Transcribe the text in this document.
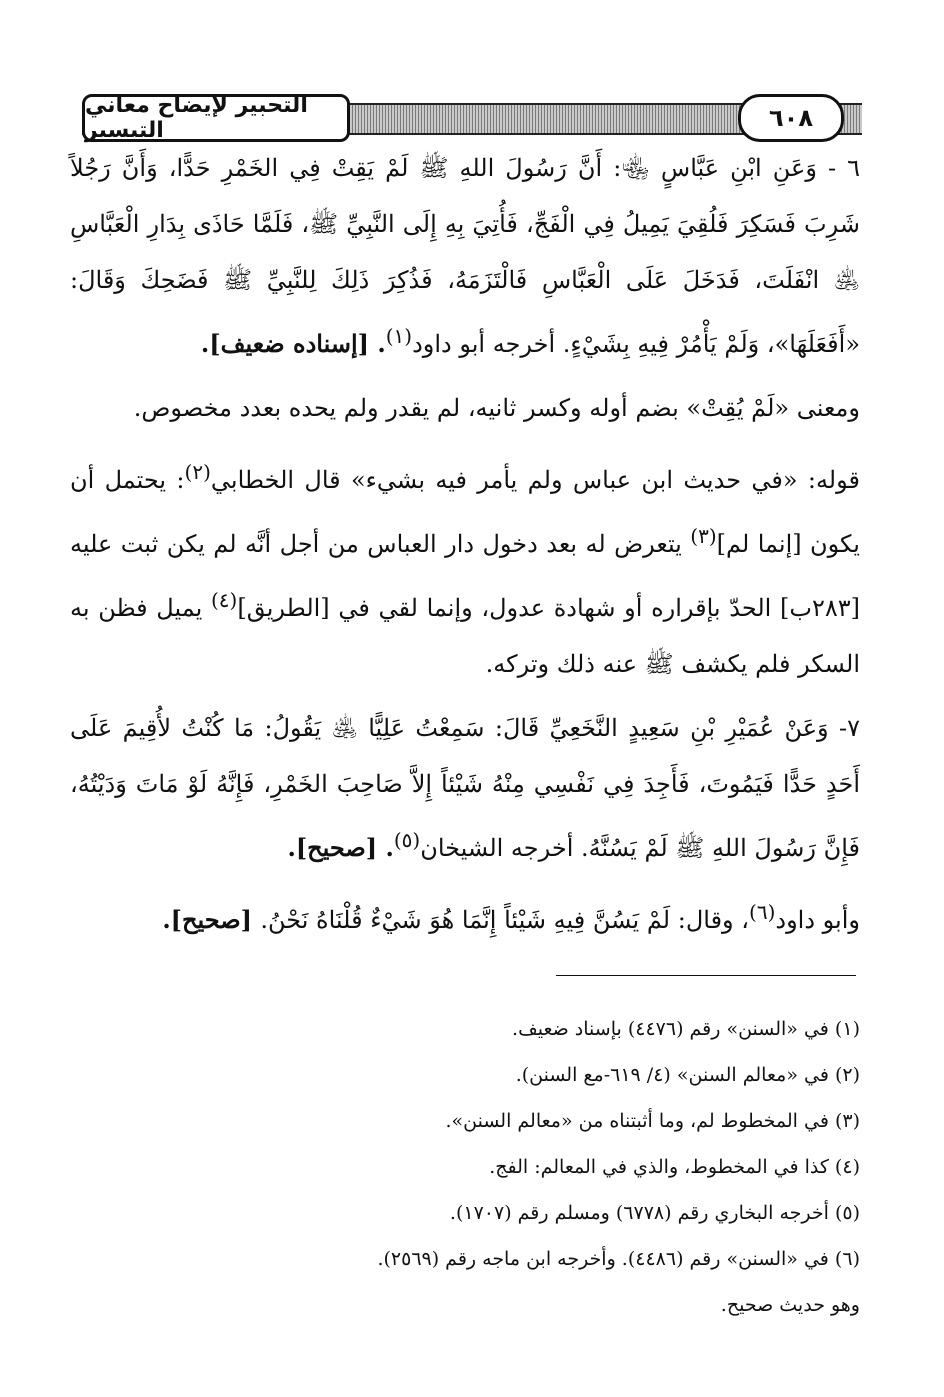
التحبير لإيضاح معاني التيسير	٦٠٨

٦ - وَعَنِ ابْنِ عَبَّاسٍ ﵄: أَنَّ رَسُولَ اللهِ ﷺ لَمْ يَقِتْ فِي الخَمْرِ حَدًّا، وَأَنَّ رَجُلاً شَرِبَ فَسَكِرَ فَلُقِيَ يَمِيلُ فِي الْفَجِّ، فَأُتِيَ بِهِ إِلَى النَّبِيِّ ﷺ، فَلَمَّا حَاذَى بِدَارِ الْعَبَّاسِ ﵁ انْفَلَتَ، فَدَخَلَ عَلَى الْعَبَّاسِ فَالْتَزَمَهُ، فَذُكِرَ ذَلِكَ لِلنَّبِيِّ ﷺ فَضَحِكَ وَقَالَ: «أَفَعَلَهَا»، وَلَمْ يَأْمُرْ فِيهِ بِشَيْءٍ. أخرجه أبو داود$^{(١)}$. [إسناده ضعيف].

ومعنى «لَمْ يُقِتْ» بضم أوله وكسر ثانيه، لم يقدر ولم يحده بعدد مخصوص.

قوله: «في حديث ابن عباس ولم يأمر فيه بشيء» قال الخطابي$^{(٢)}$: يحتمل أن يكون [إنما لم]$^{(٣)}$ يتعرض له بعد دخول دار العباس من أجل أنَّه لم يكن ثبت عليه [٢٨٣ب] الحدّ بإقراره أو شهادة عدول، وإنما لقي في [الطريق]$^{(٤)}$ يميل فظن به السكر فلم يكشف ﷺ عنه ذلك وتركه.

٧- وَعَنْ عُمَيْرِ بْنِ سَعِيدٍ النَّخَعِيِّ قَالَ: سَمِعْتُ عَلِيًّا ﵁ يَقُولُ: مَا كُنْتُ لأُقِيمَ عَلَى أَحَدٍ حَدًّا فَيَمُوتَ، فَأَجِدَ فِي نَفْسِي مِنْهُ شَيْئاً إِلاَّ صَاحِبَ الخَمْرِ، فَإِنَّهُ لَوْ مَاتَ وَدَيْتُهُ، فَإِنَّ رَسُولَ اللهِ ﷺ لَمْ يَسُنَّهُ. أخرجه الشيخان$^{(٥)}$. [صحيح].

وأبو داود$^{(٦)}$، وقال: لَمْ يَسُنَّ فِيهِ شَيْئاً إِنَّمَا هُوَ شَيْءٌ قُلْنَاهُ نَحْنُ. [صحيح].

(١) في «السنن» رقم (٤٤٧٦) بإسناد ضعيف.

(٢) في «معالم السنن» (٤/ ٦١٩-مع السنن).

(٣) في المخطوط لم، وما أثبتناه من «معالم السنن».

(٤) كذا في المخطوط، والذي في المعالم: الفج.

(٥) أخرجه البخاري رقم (٦٧٧٨) ومسلم رقم (١٧٠٧).

(٦) في «السنن» رقم (٤٤٨٦). وأخرجه ابن ماجه رقم (٢٥٦٩).

وهو حديث صحيح.
